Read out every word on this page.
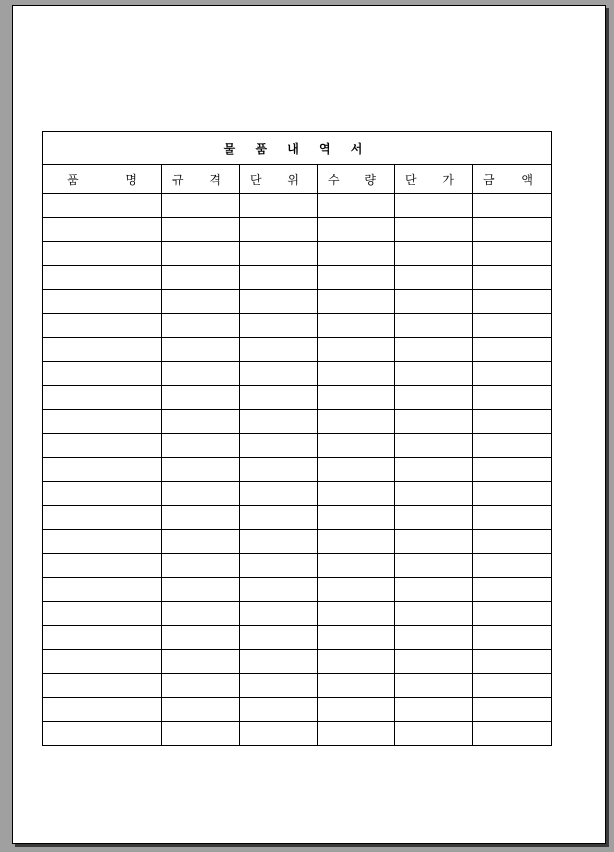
물 품 내 역 서					

품 명	규 격	단 위	수 량	단 가	금 액
